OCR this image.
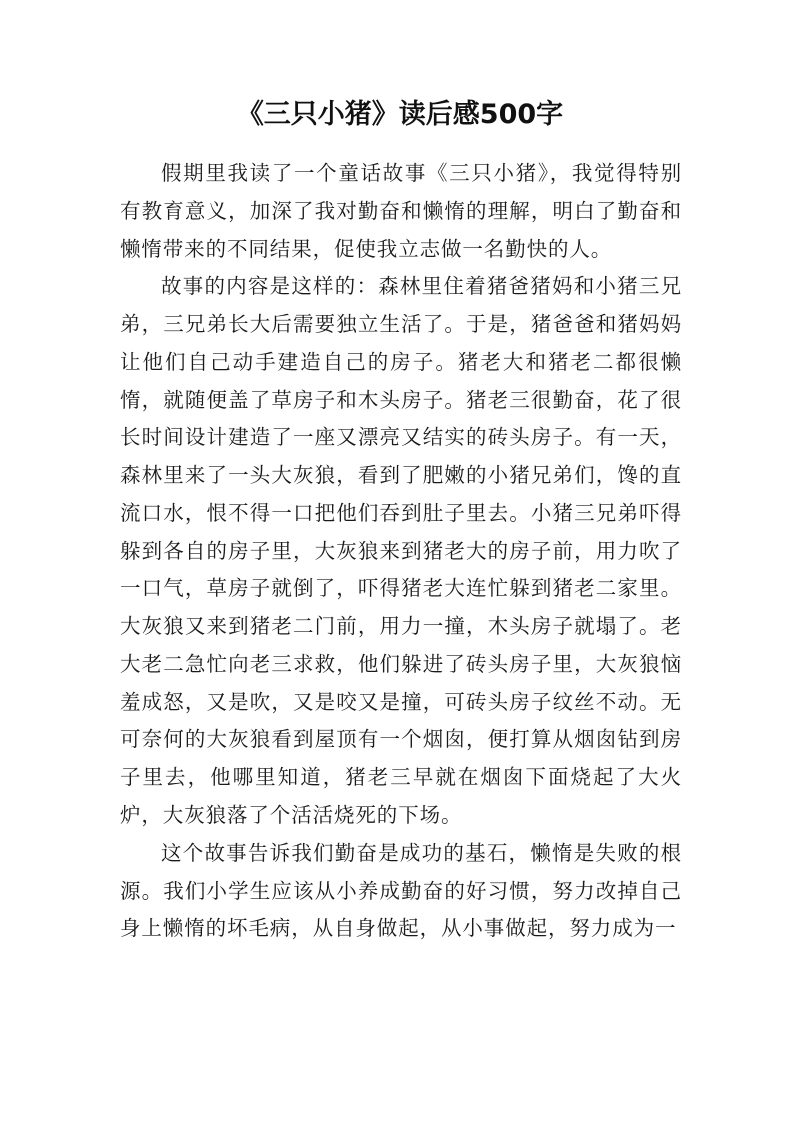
《三只小猪》读后感500字

假期里我读了一个童话故事《三只小猪》，我觉得特别有教育意义，加深了我对勤奋和懒惰的理解，明白了勤奋和懒惰带来的不同结果，促使我立志做一名勤快的人。

故事的内容是这样的：森林里住着猪爸猪妈和小猪三兄弟，三兄弟长大后需要独立生活了。于是，猪爸爸和猪妈妈让他们自己动手建造自己的房子。猪老大和猪老二都很懒惰，就随便盖了草房子和木头房子。猪老三很勤奋，花了很长时间设计建造了一座又漂亮又结实的砖头房子。有一天，森林里来了一头大灰狼，看到了肥嫩的小猪兄弟们，馋的直流口水，恨不得一口把他们吞到肚子里去。小猪三兄弟吓得躲到各自的房子里，大灰狼来到猪老大的房子前，用力吹了一口气，草房子就倒了，吓得猪老大连忙躲到猪老二家里。大灰狼又来到猪老二门前，用力一撞，木头房子就塌了。老大老二急忙向老三求救，他们躲进了砖头房子里，大灰狼恼羞成怒，又是吹，又是咬又是撞，可砖头房子纹丝不动。无可奈何的大灰狼看到屋顶有一个烟囱，便打算从烟囱钻到房子里去，他哪里知道，猪老三早就在烟囱下面烧起了大火炉，大灰狼落了个活活烧死的下场。

这个故事告诉我们勤奋是成功的基石，懒惰是失败的根源。我们小学生应该从小养成勤奋的好习惯，努力改掉自己身上懒惰的坏毛病，从自身做起，从小事做起，努力成为一
